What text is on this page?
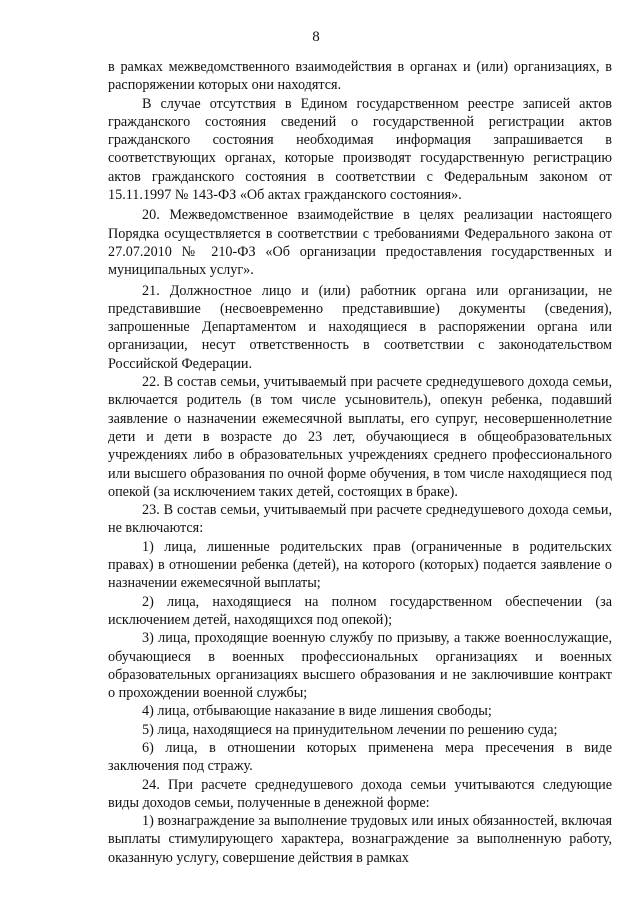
8

в рамках межведомственного взаимодействия в органах и (или) организациях, в распоряжении которых они находятся.

В случае отсутствия в Едином государственном реестре записей актов гражданского состояния сведений о государственной регистрации актов гражданского состояния необходимая информация запрашивается в соответствующих органах, которые производят государственную регистрацию актов гражданского состояния в соответствии с Федеральным законом от 15.11.1997 № 143-ФЗ «Об актах гражданского состояния».

20. Межведомственное взаимодействие в целях реализации настоящего Порядка осуществляется в соответствии с требованиями Федерального закона от 27.07.2010 № 210-ФЗ «Об организации предоставления государственных и муниципальных услуг».

21. Должностное лицо и (или) работник органа или организации, не представившие (несвоевременно представившие) документы (сведения), запрошенные Департаментом и находящиеся в распоряжении органа или организации, несут ответственность в соответствии с законодательством Российской Федерации.

22. В состав семьи, учитываемый при расчете среднедушевого дохода семьи, включается родитель (в том числе усыновитель), опекун ребенка, подавший заявление о назначении ежемесячной выплаты, его супруг, несовершеннолетние дети и дети в возрасте до 23 лет, обучающиеся в общеобразовательных учреждениях либо в образовательных учреждениях среднего профессионального или высшего образования по очной форме обучения, в том числе находящиеся под опекой (за исключением таких детей, состоящих в браке).

23. В состав семьи, учитываемый при расчете среднедушевого дохода семьи, не включаются:

1) лица, лишенные родительских прав (ограниченные в родительских правах) в отношении ребенка (детей), на которого (которых) подается заявление о назначении ежемесячной выплаты;

2) лица, находящиеся на полном государственном обеспечении (за исключением детей, находящихся под опекой);

3) лица, проходящие военную службу по призыву, а также военнослужащие, обучающиеся в военных профессиональных организациях и военных образовательных организациях высшего образования и не заключившие контракт о прохождении военной службы;

4) лица, отбывающие наказание в виде лишения свободы;

5) лица, находящиеся на принудительном лечении по решению суда;

6) лица, в отношении которых применена мера пресечения в виде заключения под стражу.

24. При расчете среднедушевого дохода семьи учитываются следующие виды доходов семьи, полученные в денежной форме:

1) вознаграждение за выполнение трудовых или иных обязанностей, включая выплаты стимулирующего характера, вознаграждение за выполненную работу, оказанную услугу, совершение действия в рамках
